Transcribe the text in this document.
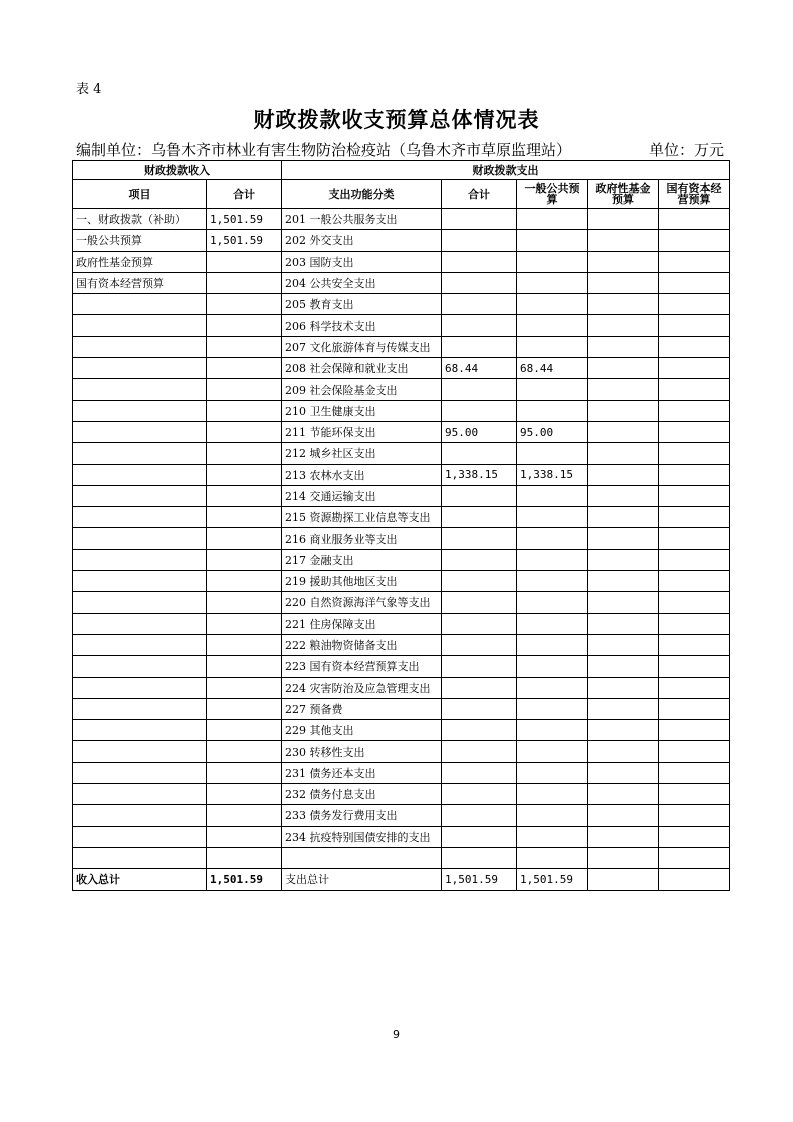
表 4
财政拨款收支预算总体情况表
编制单位：乌鲁木齐市林业有害生物防治检疫站（乌鲁木齐市草原监理站）	单位：万元
财政拨款收入		财政拨款支出				
项目	合计	支出功能分类	合计	一般公共预算	政府性基金预算	国有资本经营预算
一、财政拨款（补助）	1,501.59	201 一般公共服务支出				
一般公共预算	1,501.59	202 外交支出				
政府性基金预算		203 国防支出				
国有资本经营预算		204 公共安全支出				
		205 教育支出				
		206 科学技术支出				
		207 文化旅游体育与传媒支出				
		208 社会保障和就业支出	68.44	68.44		
		209 社会保险基金支出				
		210 卫生健康支出				
		211 节能环保支出	95.00	95.00		
		212 城乡社区支出				
		213 农林水支出	1,338.15	1,338.15		
		214 交通运输支出				
		215 资源勘探工业信息等支出				
		216 商业服务业等支出				
		217 金融支出				
		219 援助其他地区支出				
		220 自然资源海洋气象等支出				
		221 住房保障支出				
		222 粮油物资储备支出				
		223 国有资本经营预算支出				
		224 灾害防治及应急管理支出				
		227 预备费				
		229 其他支出				
		230 转移性支出				
		231 债务还本支出				
		232 债务付息支出				
		233 债务发行费用支出				
		234 抗疫特别国债安排的支出				

收入总计	1,501.59	支出总计	1,501.59	1,501.59		
9
